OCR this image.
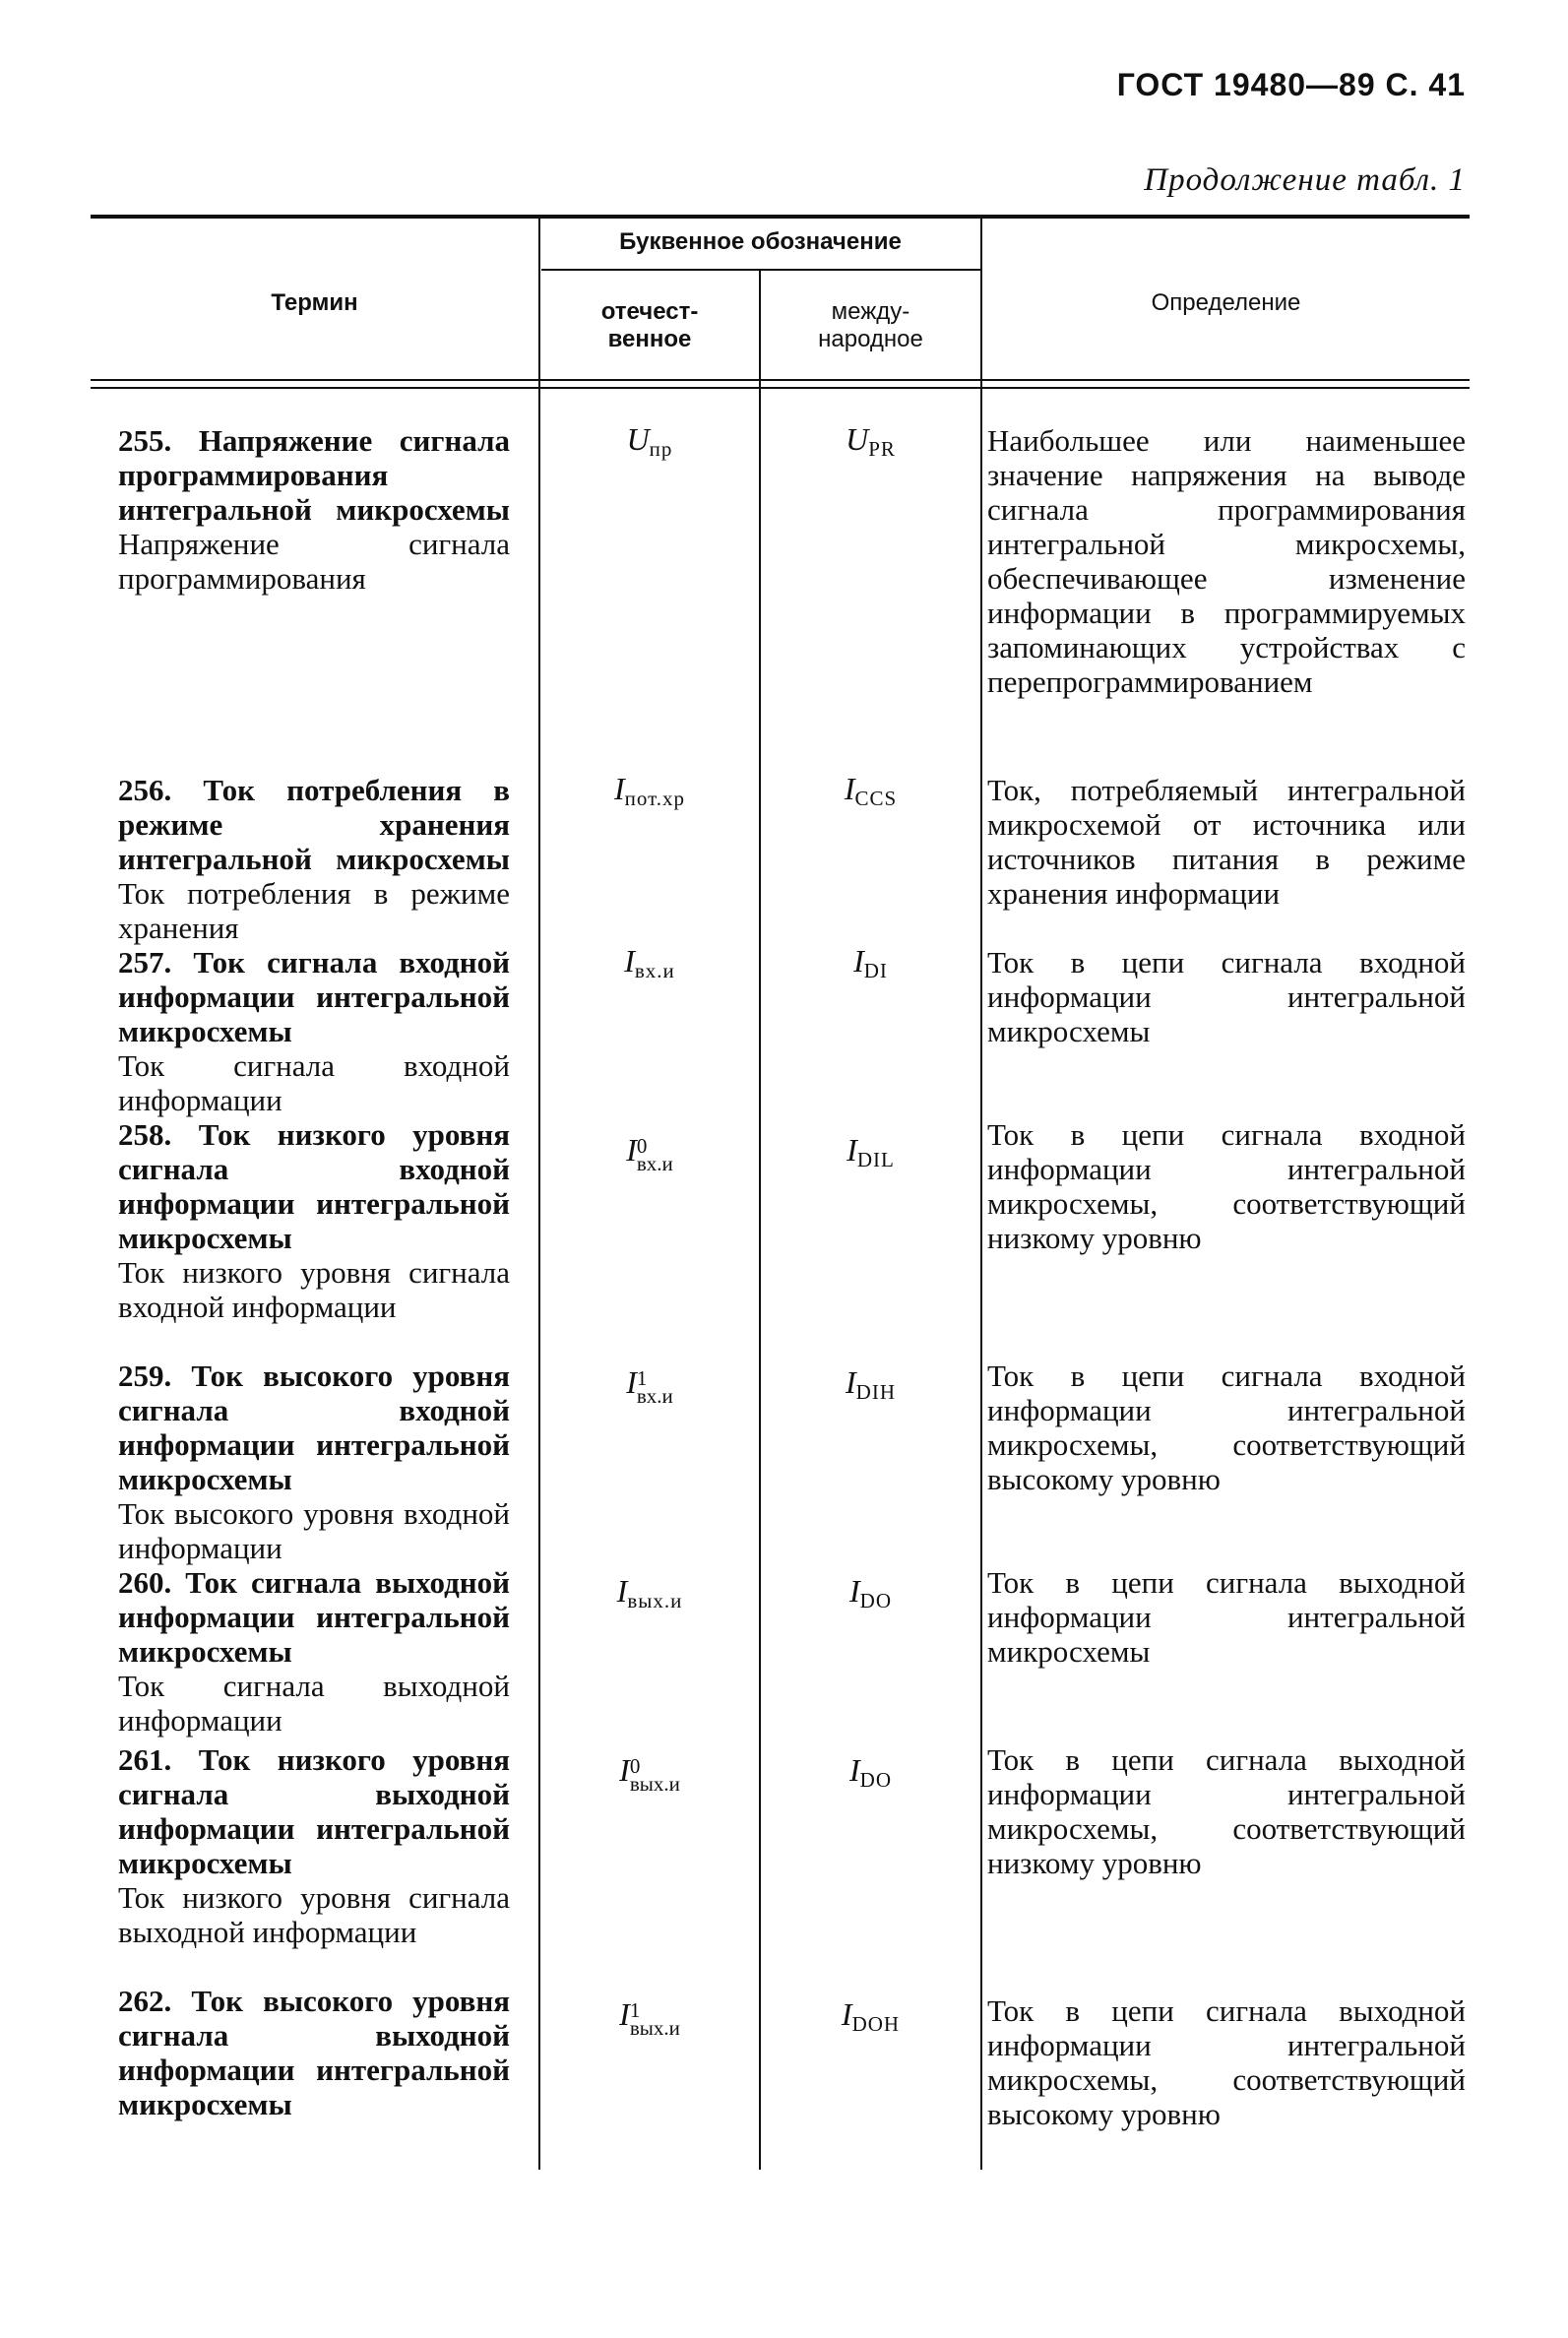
ГОСТ 19480—89 С. 41
Продолжение табл. 1
Термин
Буквенное обозначение
отечест-
венное
между-
народное
Определение

255. Напряжение сигнала программирования интегральной микросхемы

Напряжение сигнала программирования

256. Ток потребления в режиме хранения интегральной микросхемы

Ток потребления в режиме хранения

257. Ток сигнала входной информации интегральной микросхемы

Ток сигнала входной информации

258. Ток низкого уровня сигнала входной информации интегральной микросхемы

Ток низкого уровня сигнала входной информации

259. Ток высокого уровня сигнала входной информации интегральной микросхемы

Ток высокого уровня входной информации

260. Ток сигнала выходной информации интегральной микросхемы

Ток сигнала выходной информации

261. Ток низкого уровня сигнала выходной информации интегральной микросхемы

Ток низкого уровня сигнала выходной информации

262. Ток высокого уровня сигнала выходной информации интегральной микросхемы

$U_{пр}$
$I_{пот.хр}$
$I_{вх.и}$
I 0
вх.и
I 1
вх.и
$I_{вых.и}$
I 0
вых.и
I 1
вых.и
$U_{PR}$
$I_{CCS}$
$I_{DI}$
$I_{DIL}$
$I_{DIH}$
$I_{DO}$
$I_{DO}$
$I_{DOH}$
Наибольшее или наименьшее значение напряжения на выводе сигнала программирования интегральной микросхемы, обеспечивающее изменение информации в программируемых запоминающих устройствах с перепрограммированием
Ток, потребляемый интегральной микросхемой от источника или источников питания в режиме хранения информации
Ток в цепи сигнала входной информации интегральной микросхемы
Ток в цепи сигнала входной информации интегральной микросхемы, соответствующий низкому уровню
Ток в цепи сигнала входной информации интегральной микросхемы, соответствующий высокому уровню
Ток в цепи сигнала выходной информации интегральной микросхемы
Ток в цепи сигнала выходной информации интегральной микросхемы, соответствующий низкому уровню
Ток в цепи сигнала выходной информации интегральной микросхемы, соответствующий высокому уровню
